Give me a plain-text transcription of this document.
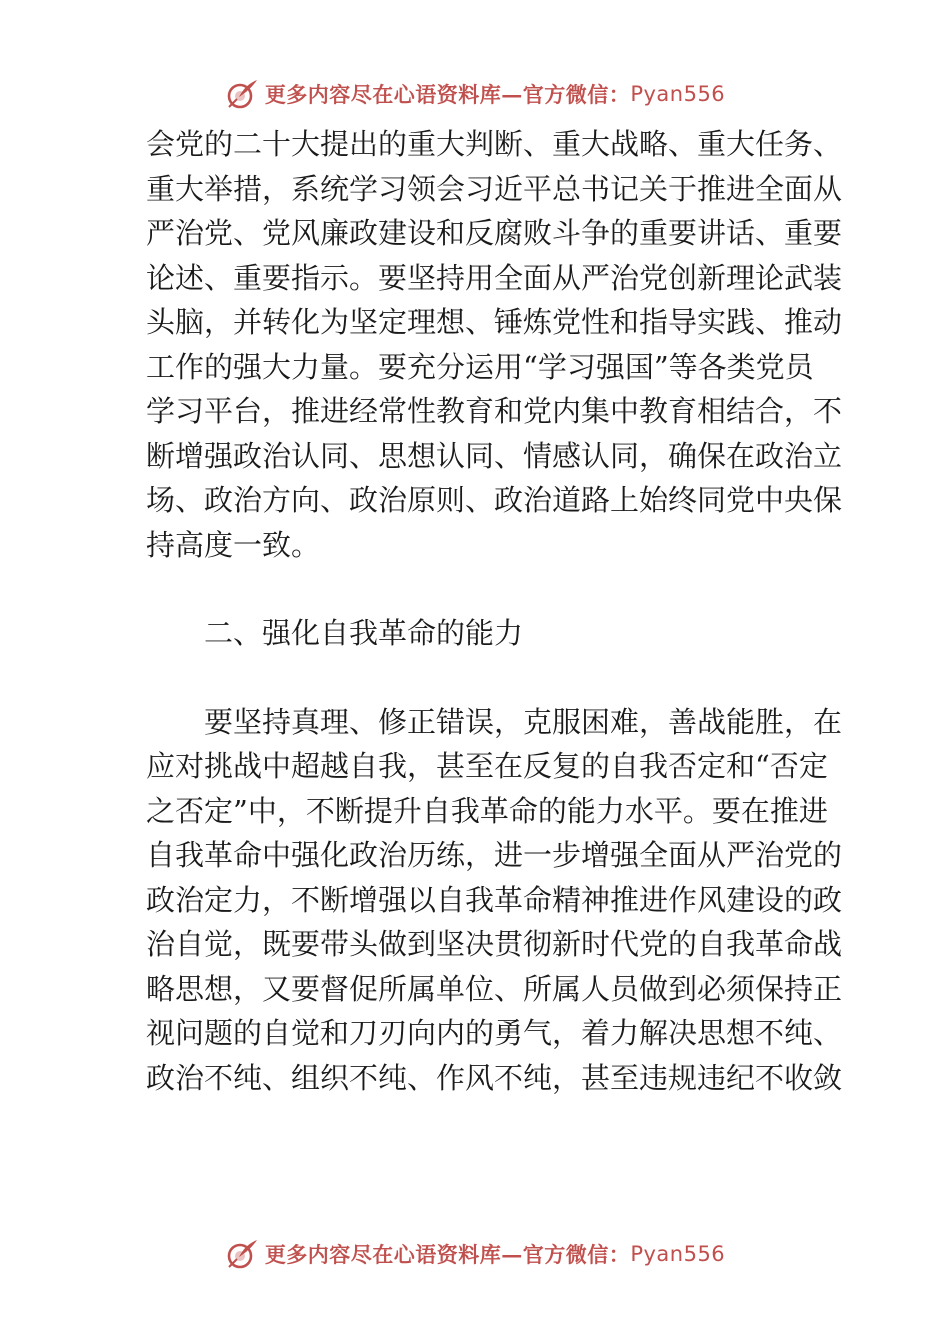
更多内容尽在心语资料库—官方微信： Pyan556

会党的二十大提出的重大判断、重大战略、重大任务、
重大举措，系统学习领会习近平总书记关于推进全面从
严治党、党风廉政建设和反腐败斗争的重要讲话、重要
论述、重要指示。要坚持用全面从严治党创新理论武装
头脑，并转化为坚定理想、锤炼党性和指导实践、推动
工作的强大力量。要充分运用“学习强国”等各类党员
学习平台，推进经常性教育和党内集中教育相结合，不
断增强政治认同、思想认同、情感认同，确保在政治立
场、政治方向、政治原则、政治道路上始终同党中央保
持高度一致。

二、强化自我革命的能力

要坚持真理、修正错误，克服困难，善战能胜，在
应对挑战中超越自我，甚至在反复的自我否定和“否定
之否定”中，不断提升自我革命的能力水平。要在推进
自我革命中强化政治历练，进一步增强全面从严治党的
政治定力，不断增强以自我革命精神推进作风建设的政
治自觉，既要带头做到坚决贯彻新时代党的自我革命战
略思想，又要督促所属单位、所属人员做到必须保持正
视问题的自觉和刀刃向内的勇气，着力解决思想不纯、
政治不纯、组织不纯、作风不纯，甚至违规违纪不收敛

更多内容尽在心语资料库—官方微信： Pyan556
